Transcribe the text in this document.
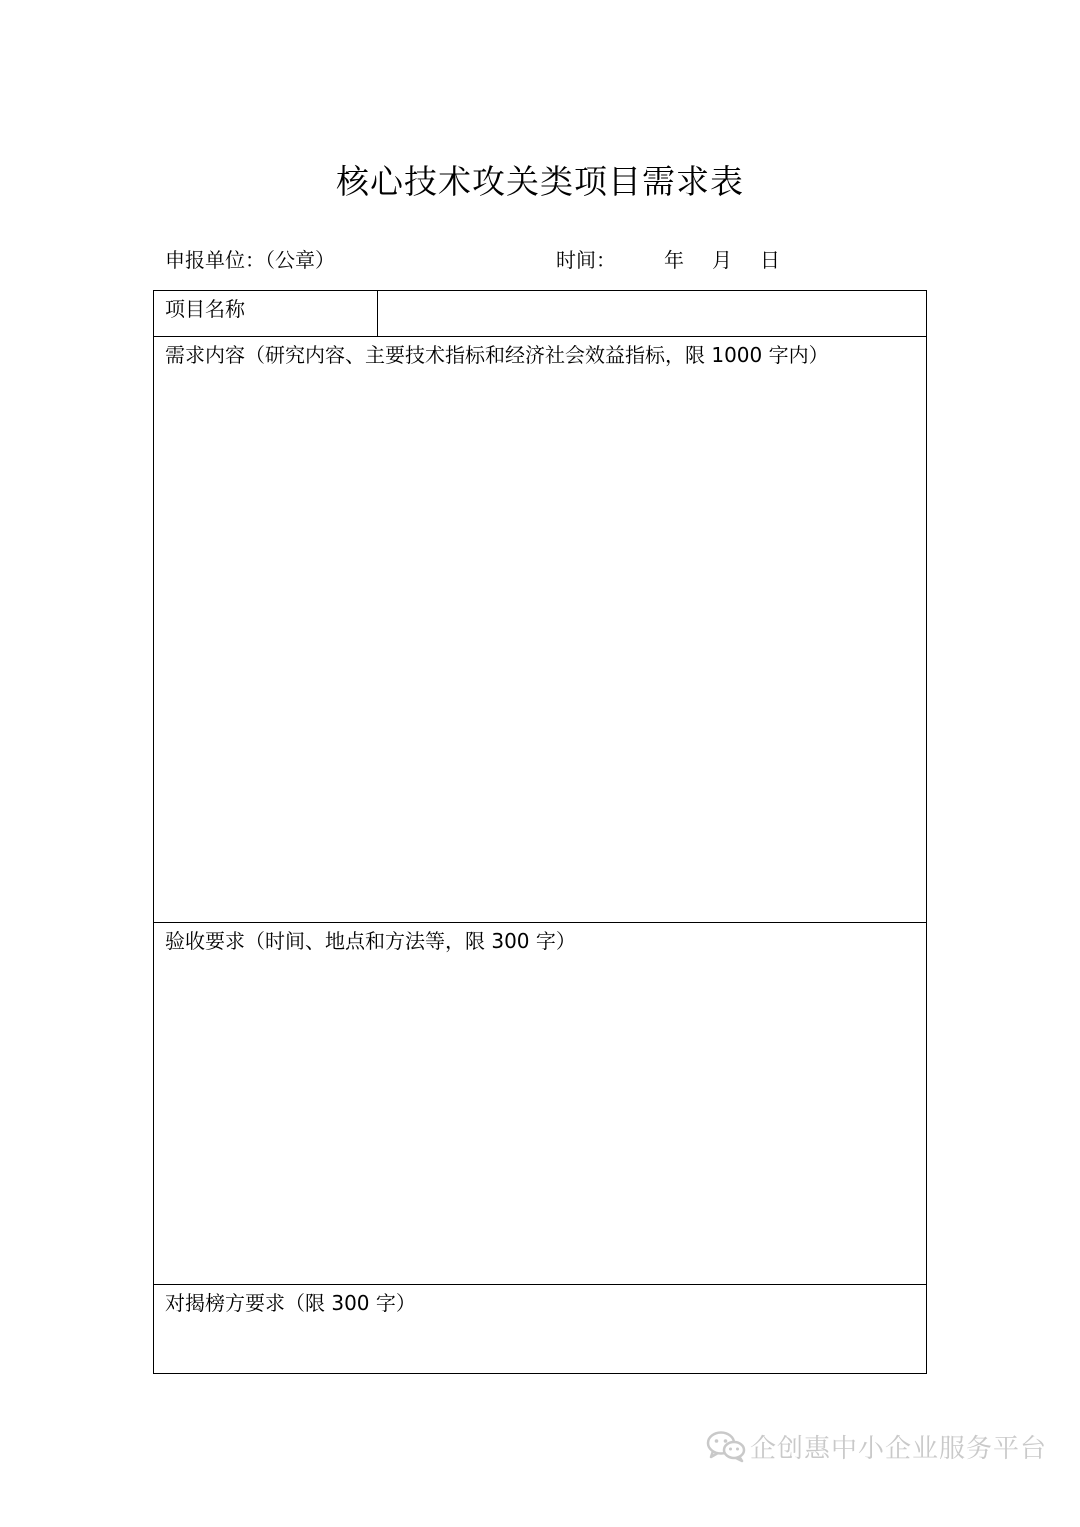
核心技术攻关类项目需求表
申报单位：（公章）	时间： 年 月 日
项目名称
需求内容（研究内容、主要技术指标和经济社会效益指标，限 1000 字内）
验收要求（时间、地点和方法等，限 300 字）
对揭榜方要求（限 300 字）
企创惠中小企业服务平台
